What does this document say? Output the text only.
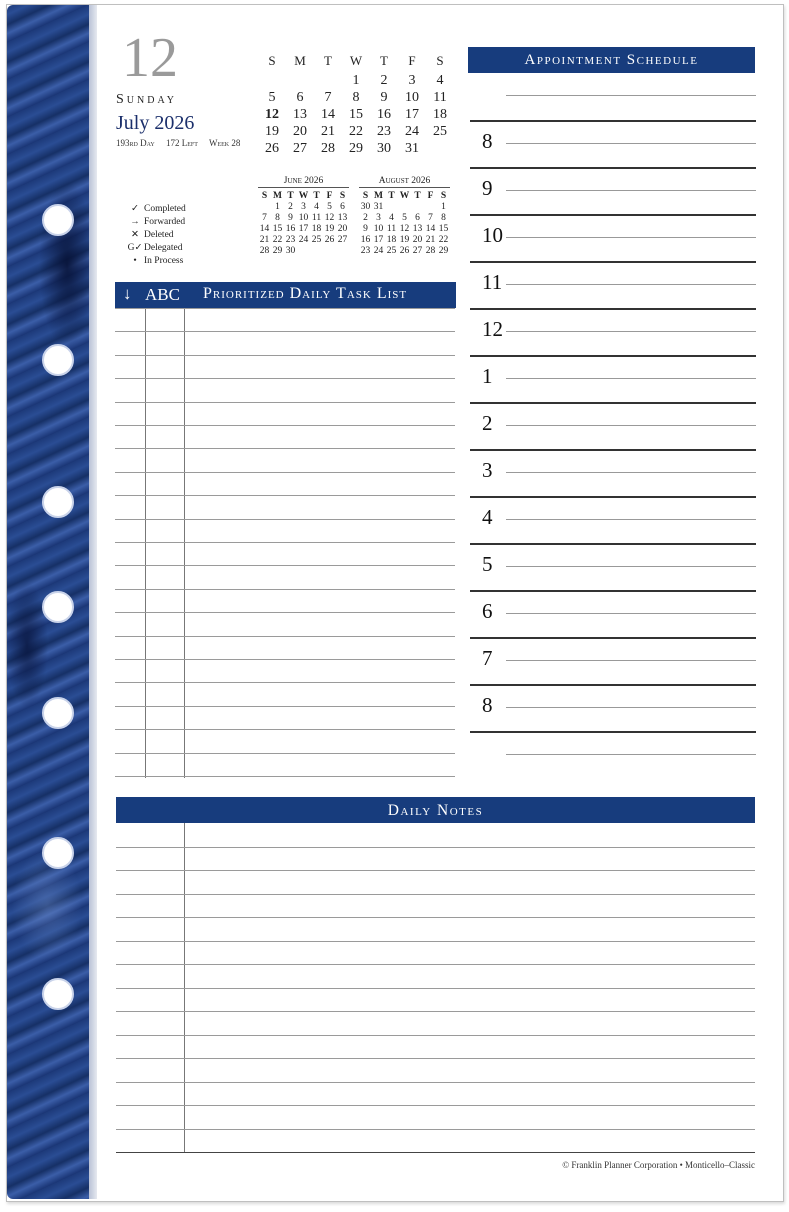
12
Sunday
July 2026
193rd Day 172 Left Week 28
✓ Completed
→ Forwarded
✕ Deleted
G✓ Delegated
• In Process
S	M	T	W	T	F	S
			1	2	3	4
5	6	7	8	9	10	11
12	13	14	15	16	17	18
19	20	21	22	23	24	25
26	27	28	29	30	31	
June 2026
S	M	T	W	T	F	S
	1	2	3	4	5	6
7	8	9	10	11	12	13
14	15	16	17	18	19	20
21	22	23	24	25	26	27
28	29	30				
August 2026
S	M	T	W	T	F	S
30	31					1
2	3	4	5	6	7	8
9	10	11	12	13	14	15
16	17	18	19	20	21	22
23	24	25	26	27	28	29
↓ ABC Prioritized Daily Task List
Appointment Schedule
8
9
10
11
12
1
2
3
4
5
6
7
8
Daily Notes
© Franklin Planner Corporation • Monticello–Classic
